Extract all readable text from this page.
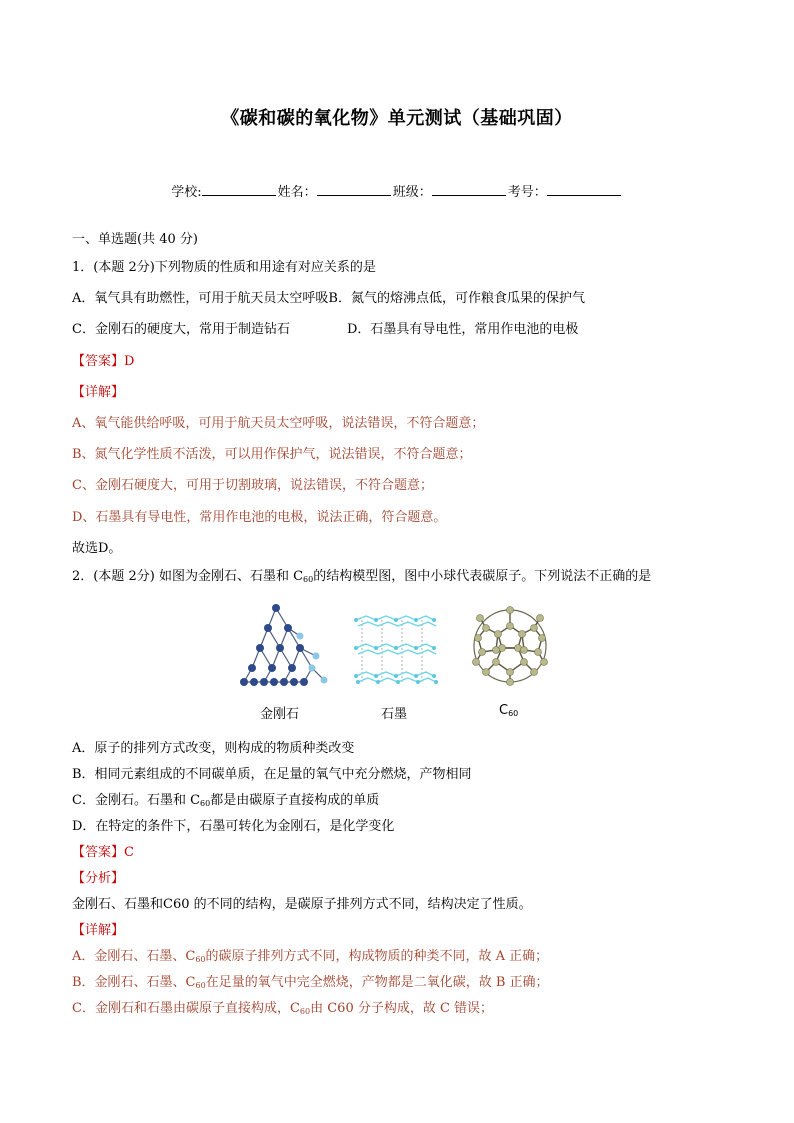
《碳和碳的氧化物》单元测试（基础巩固）
学校:	姓名：	班级：	考号：
一、单选题(共 40 分)
1．(本题 2分)下列物质的性质和用途有对应关系的是
A．氧气具有助燃性，可用于航天员太空呼吸B．氮气的熔沸点低，可作粮食瓜果的保护气
C．金刚石的硬度大，常用于制造钻石	D．石墨具有导电性，常用作电池的电极
【答案】D
【详解】
A、氧气能供给呼吸，可用于航天员太空呼吸，说法错误，不符合题意；
B、氮气化学性质不活泼，可以用作保护气，说法错误，不符合题意；
C、金刚石硬度大，可用于切割玻璃，说法错误，不符合题意；
D、石墨具有导电性，常用作电池的电极，说法正确，符合题意。
故选D。
2．(本题 2分) 如图为金刚石、石墨和 $C_{60}$的结构模型图，图中小球代表碳原子。下列说法不正确的是
金刚石	石墨	$C_{60}$
A．原子的排列方式改变，则构成的物质种类改变
B．相同元素组成的不同碳单质，在足量的氧气中充分燃烧，产物相同
C．金刚石。石墨和 $C_{60}$都是由碳原子直接构成的单质
D．在特定的条件下，石墨可转化为金刚石，是化学变化
【答案】C
【分析】
金刚石、石墨和C60 的不同的结构，是碳原子排列方式不同，结构决定了性质。
【详解】
A．金刚石、石墨、$C_{60}$的碳原子排列方式不同，构成物质的种类不同，故 A 正确；
B．金刚石、石墨、$C_{60}$在足量的氧气中完全燃烧，产物都是二氧化碳，故 B 正确；
C．金刚石和石墨由碳原子直接构成，$C_{60}$由 C60 分子构成，故 C 错误；
